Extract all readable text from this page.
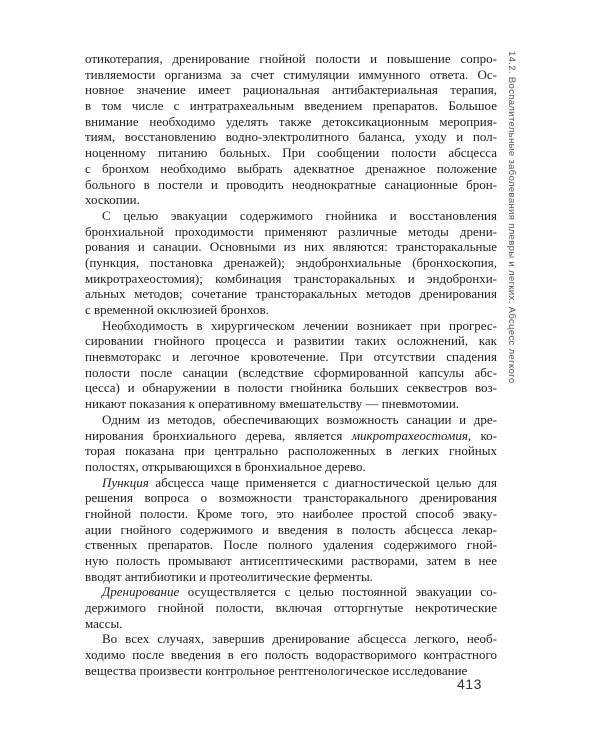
отикотерапия, дренирование гнойной полости и повышение сопро-
тивляемости организма за счет стимуляции иммунного ответа. Ос-
новное значение имеет рациональная антибактериальная терапия,
в том числе с интратрахеальным введением препаратов. Большое
внимание необходимо уделять также детоксикационным мероприя-
тиям, восстановлению водно-электролитного баланса, уходу и пол-
ноценному питанию больных. При сообщении полости абсцесса
с бронхом необходимо выбрать адекватное дренажное положение
больного в постели и проводить неоднократные санационные брон-
хоскопии.
С целью эвакуации содержимого гнойника и восстановления
бронхиальной проходимости применяют различные методы дрени-
рования и санации. Основными из них являются: трансторакальные
(пункция, постановка дренажей); эндобронхиальные (бронхоскопия,
микротрахеостомия); комбинация трансторакальных и эндобронхи-
альных методов; сочетание трансторакальных методов дренирования
с временной окклюзией бронхов.
Необходимость в хирургическом лечении возникает при прогрес-
сировании гнойного процесса и развитии таких осложнений, как
пневмоторакс и легочное кровотечение. При отсутствии спадения
полости после санации (вследствие сформированной капсулы абс-
цесса) и обнаружении в полости гнойника больших секвестров воз-
никают показания к оперативному вмешательству — пневмотомии.
Одним из методов, обеспечивающих возможность санации и дре-
нирования бронхиального дерева, является микротрахеостомия, ко-
торая показана при центрально расположенных в легких гнойных
полостях, открывающихся в бронхиальное дерево.
Пункция абсцесса чаще применяется с диагностической целью для
решения вопроса о возможности трансторакального дренирования
гнойной полости. Кроме того, это наиболее простой способ эваку-
ации гнойного содержимого и введения в полость абсцесса лекар-
ственных препаратов. После полного удаления содержимого гной-
ную полость промывают антисептическими растворами, затем в нее
вводят антибиотики и протеолитические ферменты.
Дренирование осуществляется с целью постоянной эвакуации со-
держимого гнойной полости, включая отторгнутые некротические
массы.
Во всех случаях, завершив дренирование абсцесса легкого, необ-
ходимо после введения в его полость водорастворимого контрастного
вещества произвести контрольное рентгенологическое исследование
14.2. Воспалительные заболевания плевры и легких. Абсцесс легкого
413
